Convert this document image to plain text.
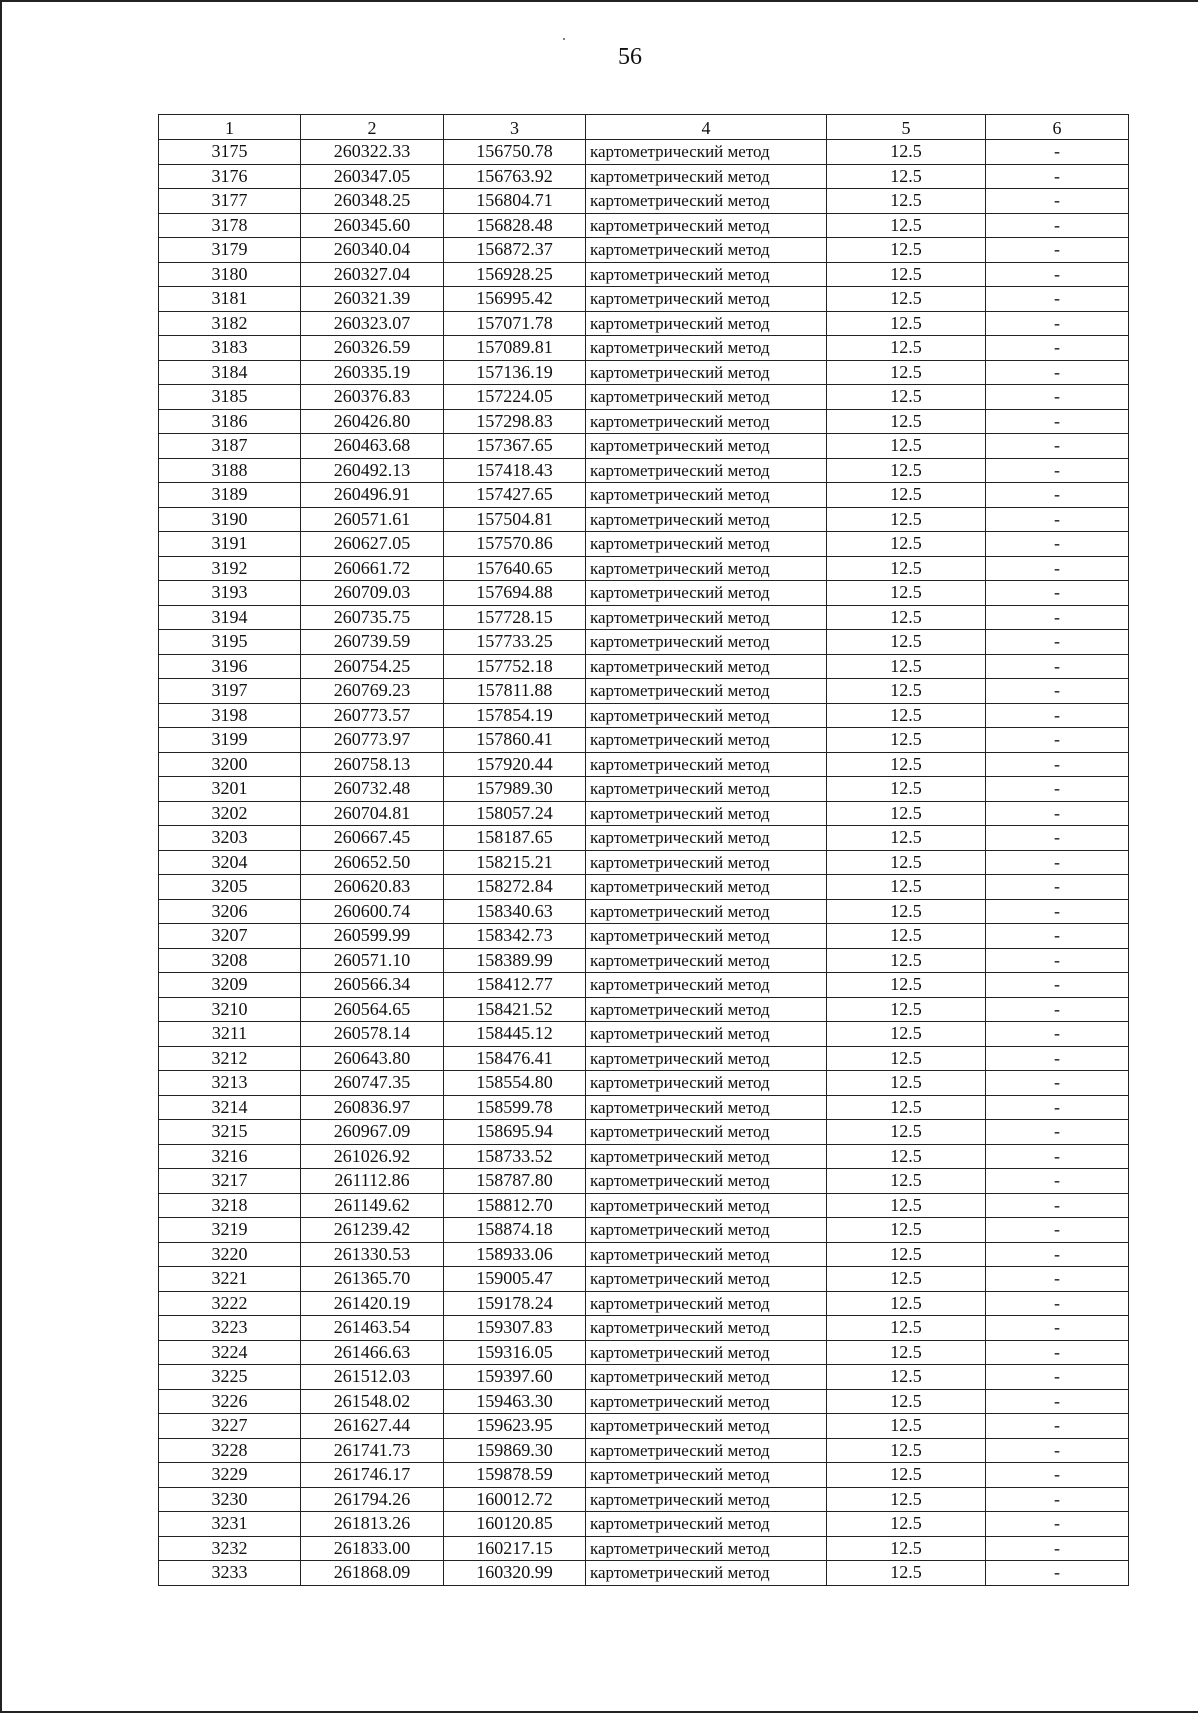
56
1	2	3	4	5	6
3175	260322.33	156750.78	картометрический метод	12.5	-
3176	260347.05	156763.92	картометрический метод	12.5	-
3177	260348.25	156804.71	картометрический метод	12.5	-
3178	260345.60	156828.48	картометрический метод	12.5	-
3179	260340.04	156872.37	картометрический метод	12.5	-
3180	260327.04	156928.25	картометрический метод	12.5	-
3181	260321.39	156995.42	картометрический метод	12.5	-
3182	260323.07	157071.78	картометрический метод	12.5	-
3183	260326.59	157089.81	картометрический метод	12.5	-
3184	260335.19	157136.19	картометрический метод	12.5	-
3185	260376.83	157224.05	картометрический метод	12.5	-
3186	260426.80	157298.83	картометрический метод	12.5	-
3187	260463.68	157367.65	картометрический метод	12.5	-
3188	260492.13	157418.43	картометрический метод	12.5	-
3189	260496.91	157427.65	картометрический метод	12.5	-
3190	260571.61	157504.81	картометрический метод	12.5	-
3191	260627.05	157570.86	картометрический метод	12.5	-
3192	260661.72	157640.65	картометрический метод	12.5	-
3193	260709.03	157694.88	картометрический метод	12.5	-
3194	260735.75	157728.15	картометрический метод	12.5	-
3195	260739.59	157733.25	картометрический метод	12.5	-
3196	260754.25	157752.18	картометрический метод	12.5	-
3197	260769.23	157811.88	картометрический метод	12.5	-
3198	260773.57	157854.19	картометрический метод	12.5	-
3199	260773.97	157860.41	картометрический метод	12.5	-
3200	260758.13	157920.44	картометрический метод	12.5	-
3201	260732.48	157989.30	картометрический метод	12.5	-
3202	260704.81	158057.24	картометрический метод	12.5	-
3203	260667.45	158187.65	картометрический метод	12.5	-
3204	260652.50	158215.21	картометрический метод	12.5	-
3205	260620.83	158272.84	картометрический метод	12.5	-
3206	260600.74	158340.63	картометрический метод	12.5	-
3207	260599.99	158342.73	картометрический метод	12.5	-
3208	260571.10	158389.99	картометрический метод	12.5	-
3209	260566.34	158412.77	картометрический метод	12.5	-
3210	260564.65	158421.52	картометрический метод	12.5	-
3211	260578.14	158445.12	картометрический метод	12.5	-
3212	260643.80	158476.41	картометрический метод	12.5	-
3213	260747.35	158554.80	картометрический метод	12.5	-
3214	260836.97	158599.78	картометрический метод	12.5	-
3215	260967.09	158695.94	картометрический метод	12.5	-
3216	261026.92	158733.52	картометрический метод	12.5	-
3217	261112.86	158787.80	картометрический метод	12.5	-
3218	261149.62	158812.70	картометрический метод	12.5	-
3219	261239.42	158874.18	картометрический метод	12.5	-
3220	261330.53	158933.06	картометрический метод	12.5	-
3221	261365.70	159005.47	картометрический метод	12.5	-
3222	261420.19	159178.24	картометрический метод	12.5	-
3223	261463.54	159307.83	картометрический метод	12.5	-
3224	261466.63	159316.05	картометрический метод	12.5	-
3225	261512.03	159397.60	картометрический метод	12.5	-
3226	261548.02	159463.30	картометрический метод	12.5	-
3227	261627.44	159623.95	картометрический метод	12.5	-
3228	261741.73	159869.30	картометрический метод	12.5	-
3229	261746.17	159878.59	картометрический метод	12.5	-
3230	261794.26	160012.72	картометрический метод	12.5	-
3231	261813.26	160120.85	картометрический метод	12.5	-
3232	261833.00	160217.15	картометрический метод	12.5	-
3233	261868.09	160320.99	картометрический метод	12.5	-
